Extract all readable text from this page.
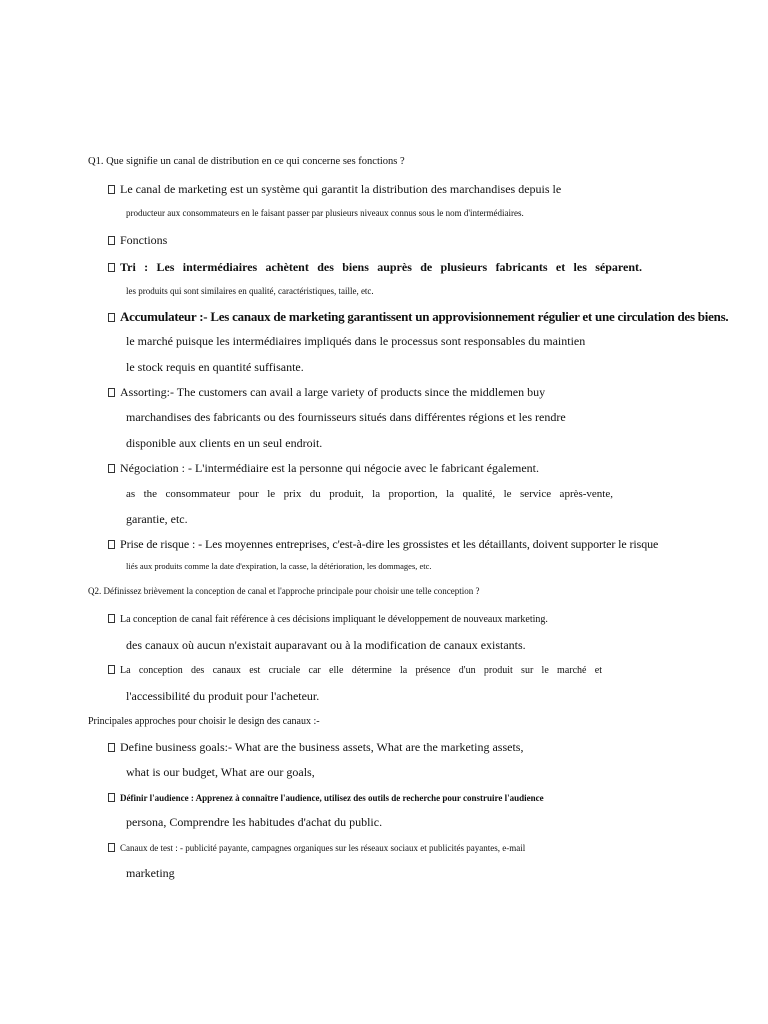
Q1. Que signifie un canal de distribution en ce qui concerne ses fonctions ?

Le canal de marketing est un système qui garantit la distribution des marchandises depuis le

producteur aux consommateurs en le faisant passer par plusieurs niveaux connus sous le nom d'intermédiaires.

Fonctions

Tri : Les intermédiaires achètent des biens auprès de plusieurs fabricants et les séparent.

les produits qui sont similaires en qualité, caractéristiques, taille, etc.

Accumulateur :- Les canaux de marketing garantissent un approvisionnement régulier et une circulation des biens.

le marché puisque les intermédiaires impliqués dans le processus sont responsables du maintien

le stock requis en quantité suffisante.

Assorting:- The customers can avail a large variety of products since the middlemen buy

marchandises des fabricants ou des fournisseurs situés dans différentes régions et les rendre

disponible aux clients en un seul endroit.

Négociation : - L'intermédiaire est la personne qui négocie avec le fabricant également.

as the consommateur pour le prix du produit, la proportion, la qualité, le service après-vente,

garantie, etc.

Prise de risque : - Les moyennes entreprises, c'est-à-dire les grossistes et les détaillants, doivent supporter le risque

liés aux produits comme la date d'expiration, la casse, la détérioration, les dommages, etc.

Q2. Définissez brièvement la conception de canal et l'approche principale pour choisir une telle conception ?

La conception de canal fait référence à ces décisions impliquant le développement de nouveaux marketing.

des canaux où aucun n'existait auparavant ou à la modification de canaux existants.

La conception des canaux est cruciale car elle détermine la présence d'un produit sur le marché et

l'accessibilité du produit pour l'acheteur.

Principales approches pour choisir le design des canaux :-

Define business goals:- What are the business assets, What are the marketing assets,

what is our budget, What are our goals,

Définir l'audience : Apprenez à connaître l'audience, utilisez des outils de recherche pour construire l'audience

persona, Comprendre les habitudes d'achat du public.

Canaux de test : - publicité payante, campagnes organiques sur les réseaux sociaux et publicités payantes, e-mail

marketing
